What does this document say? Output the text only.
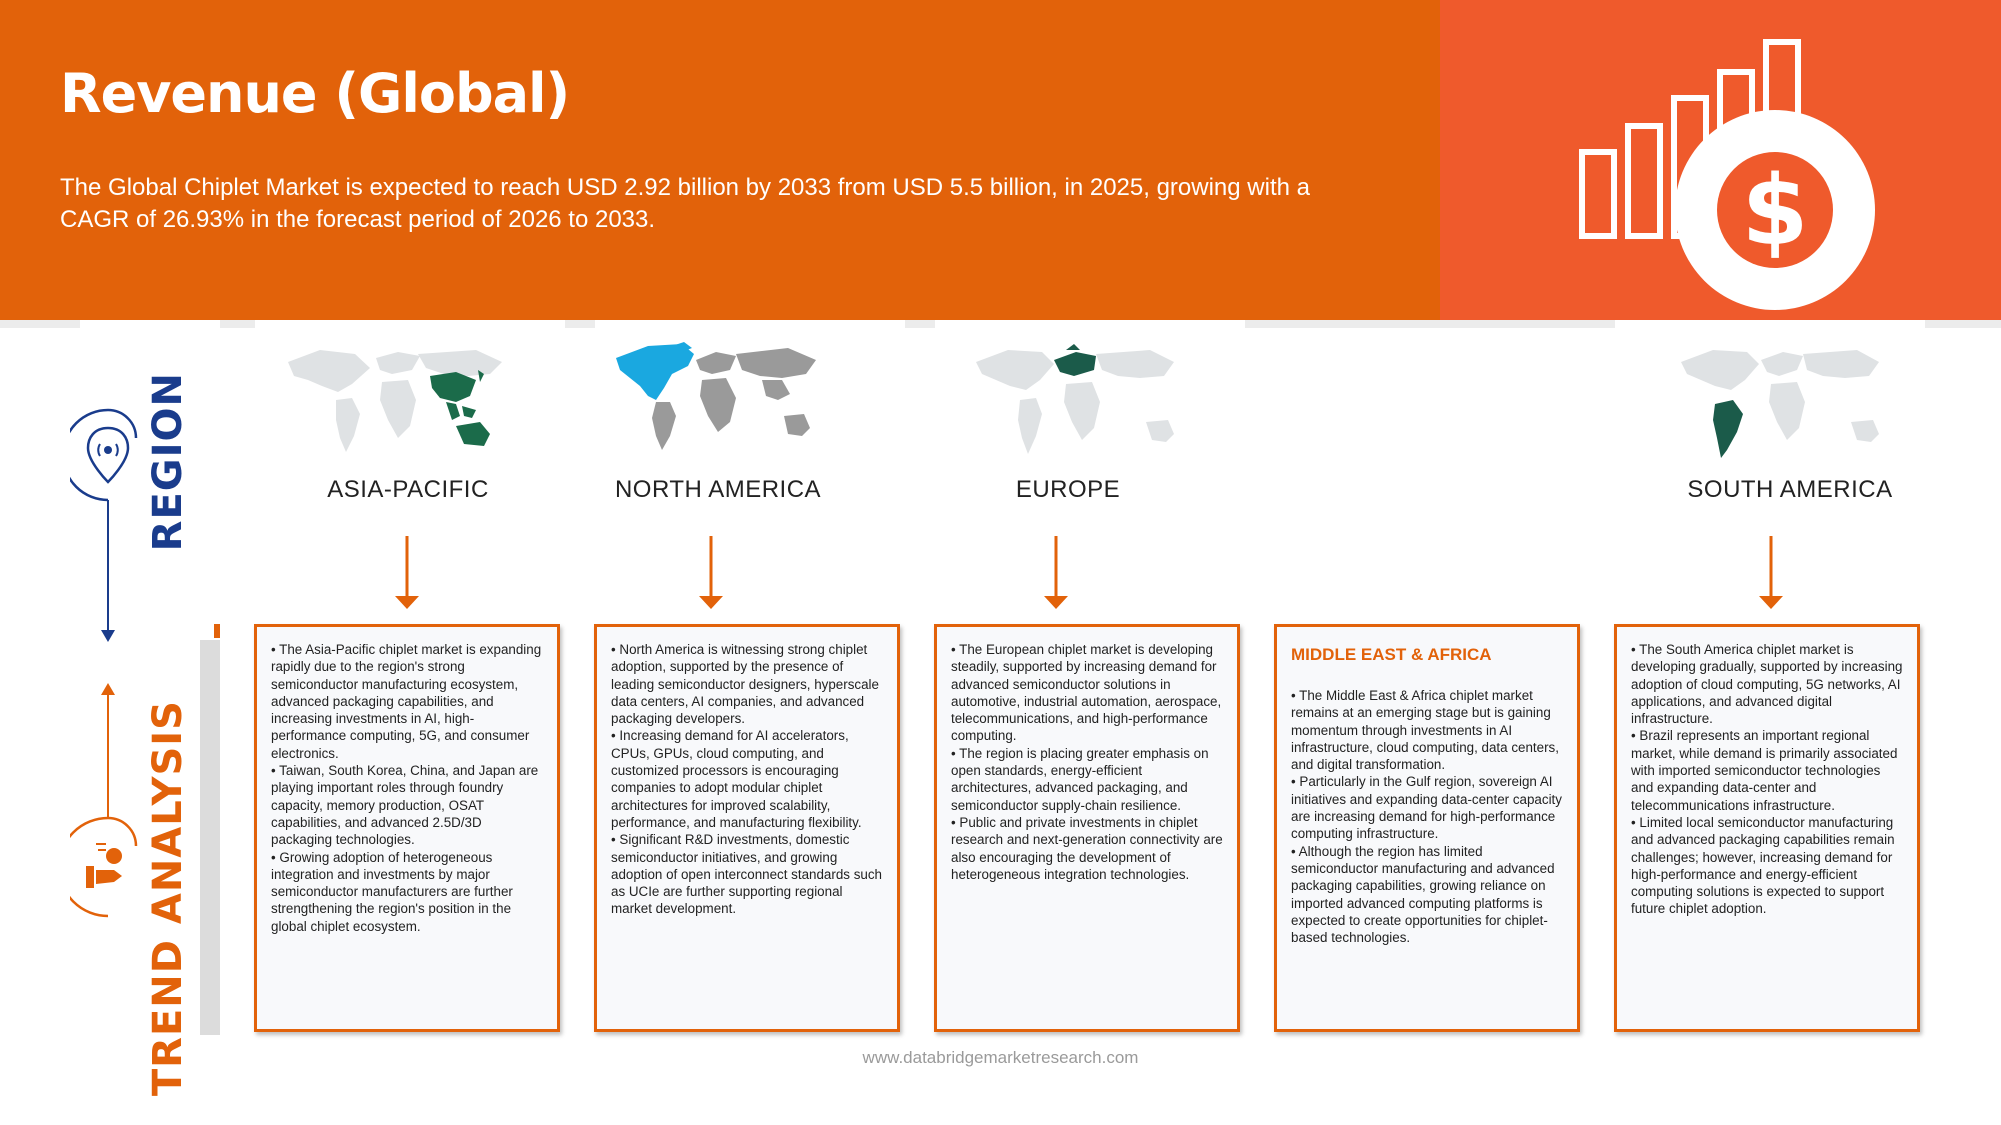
Revenue (Global)
The Global Chiplet Market is expected to reach USD 2.92 billion by 2033 from USD 5.5 billion, in 2025, growing with a CAGR of 26.93% in the forecast period of 2026 to 2033.	$
REGION
TREND ANALYSIS
ASIA-PACIFIC	NORTH AMERICA	EUROPE	SOUTH AMERICA
• The Asia-Pacific chiplet market is expanding rapidly due to the region's strong semiconductor manufacturing ecosystem, advanced packaging capabilities, and increasing investments in AI, high-performance computing, 5G, and consumer electronics.
• Taiwan, South Korea, China, and Japan are playing important roles through foundry capacity, memory production, OSAT capabilities, and advanced 2.5D/3D packaging technologies.
• Growing adoption of heterogeneous integration and investments by major semiconductor manufacturers are further strengthening the region's position in the global chiplet ecosystem.
• North America is witnessing strong chiplet adoption, supported by the presence of leading semiconductor designers, hyperscale data centers, AI companies, and advanced packaging developers.
• Increasing demand for AI accelerators, CPUs, GPUs, cloud computing, and customized processors is encouraging companies to adopt modular chiplet architectures for improved scalability, performance, and manufacturing flexibility.
• Significant R&D investments, domestic semiconductor initiatives, and growing adoption of open interconnect standards such as UCIe are further supporting regional market development.
• The European chiplet market is developing steadily, supported by increasing demand for advanced semiconductor solutions in automotive, industrial automation, aerospace, telecommunications, and high-performance computing.
• The region is placing greater emphasis on open standards, energy-efficient architectures, advanced packaging, and semiconductor supply-chain resilience.
• Public and private investments in chiplet research and next-generation connectivity are also encouraging the development of heterogeneous integration technologies.
MIDDLE EAST & AFRICA
• The Middle East & Africa chiplet market remains at an emerging stage but is gaining momentum through investments in AI infrastructure, cloud computing, data centers, and digital transformation.
• Particularly in the Gulf region, sovereign AI initiatives and expanding data-center capacity are increasing demand for high-performance computing infrastructure.
• Although the region has limited semiconductor manufacturing and advanced packaging capabilities, growing reliance on imported advanced computing platforms is expected to create opportunities for chiplet-based technologies.
• The South America chiplet market is developing gradually, supported by increasing adoption of cloud computing, 5G networks, AI applications, and advanced digital infrastructure.
• Brazil represents an important regional market, while demand is primarily associated with imported semiconductor technologies and expanding data-center and telecommunications infrastructure.
• Limited local semiconductor manufacturing and advanced packaging capabilities remain challenges; however, increasing demand for high-performance and energy-efficient computing solutions is expected to support future chiplet adoption.
www.databridgemarketresearch.com
